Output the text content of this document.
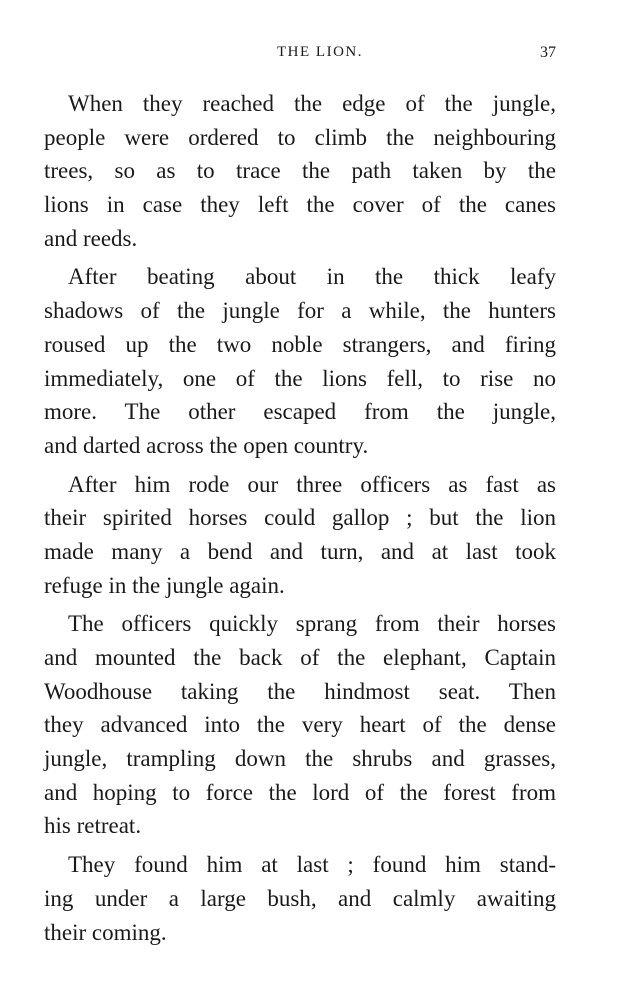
THE LION.	37

When they reached the edge of the jungle,
people were ordered to climb the neighbouring
trees, so as to trace the path taken by the
lions in case they left the cover of the canes
and reeds.

After beating about in the thick leafy
shadows of the jungle for a while, the hunters
roused up the two noble strangers, and firing
immediately, one of the lions fell, to rise no
more. The other escaped from the jungle,
and darted across the open country.

After him rode our three officers as fast as
their spirited horses could gallop ; but the lion
made many a bend and turn, and at last took
refuge in the jungle again.

The officers quickly sprang from their horses
and mounted the back of the elephant, Captain
Woodhouse taking the hindmost seat. Then
they advanced into the very heart of the dense
jungle, trampling down the shrubs and grasses,
and hoping to force the lord of the forest from
his retreat.

They found him at last ; found him stand-
ing under a large bush, and calmly awaiting
their coming.
